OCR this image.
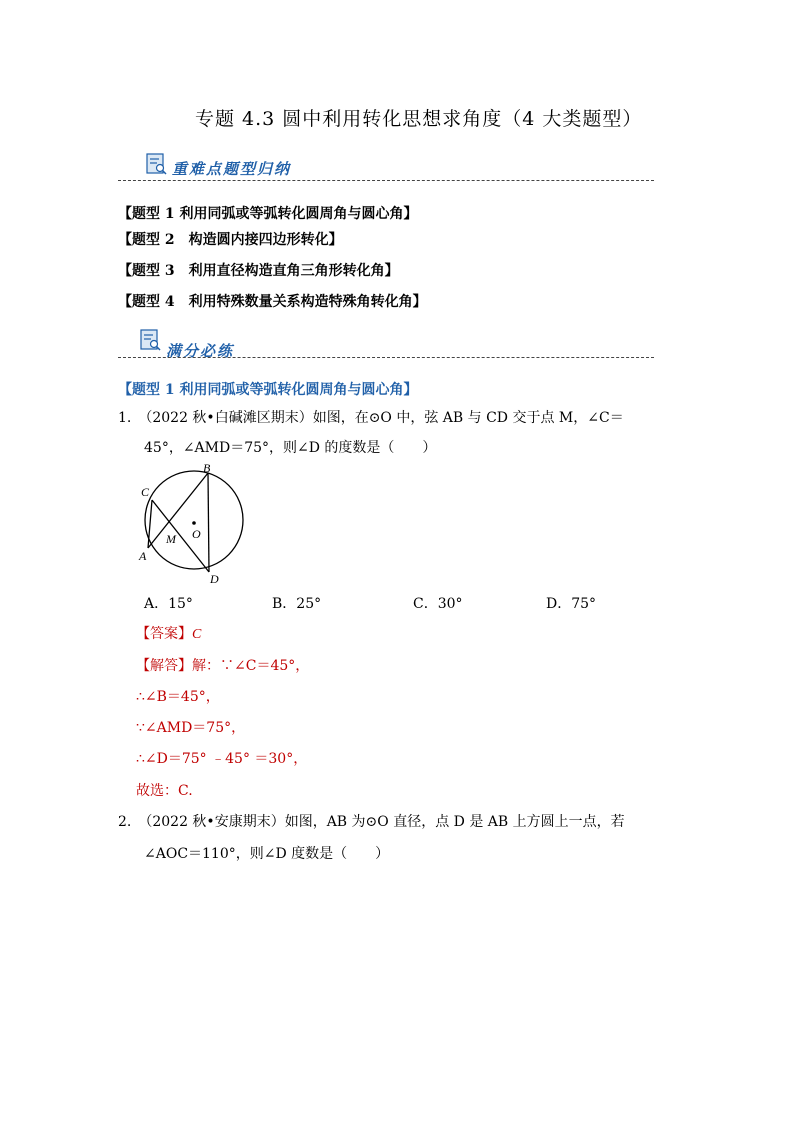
专题 4.3 圆中利用转化思想求角度（4 大类题型）
重难点题型归纳
【题型 1 利用同弧或等弧转化圆周角与圆心角】
【题型 2　构造圆内接四边形转化】
【题型 3　利用直径构造直角三角形转化角】
【题型 4　利用特殊数量关系构造特殊角转化角】
满分必练
【题型 1 利用同弧或等弧转化圆周角与圆心角】
1.　（2022 秋•白碱滩区期末）如图，在⊙O 中，弦 AB 与 CD 交于点 M，∠C＝
45°，∠AMD＝75°，则∠D 的度数是（　　）
B
C
O
M
A
D
A．15°	B．25°	C．30°	D．75°
【答案】C
【解答】解：∵∠C＝45°，
∴∠B＝45°，
∵∠AMD＝75°，
∴∠D＝75° ﹣45° ＝30°，
故选：C.
2.　（2022 秋•安康期末）如图，AB 为⊙O 直径，点 D 是 AB 上方圆上一点，若
∠AOC＝110°，则∠D 度数是（　　）
